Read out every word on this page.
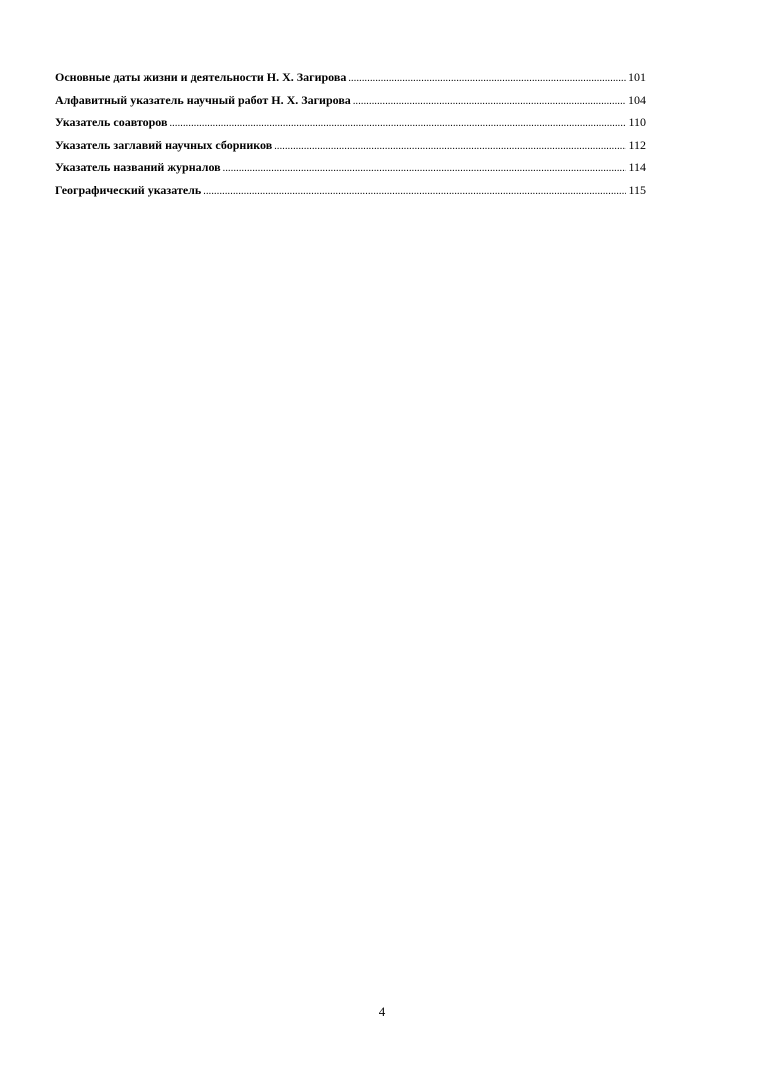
Основные даты жизни и деятельности Н. Х. Загирова .....	101
Алфавитный указатель научный работ Н. Х. Загирова .....	104
Указатель соавторов .....	110
Указатель заглавий научных сборников .....	112
Указатель названий журналов .....	114
Географический указатель .....	115
4
